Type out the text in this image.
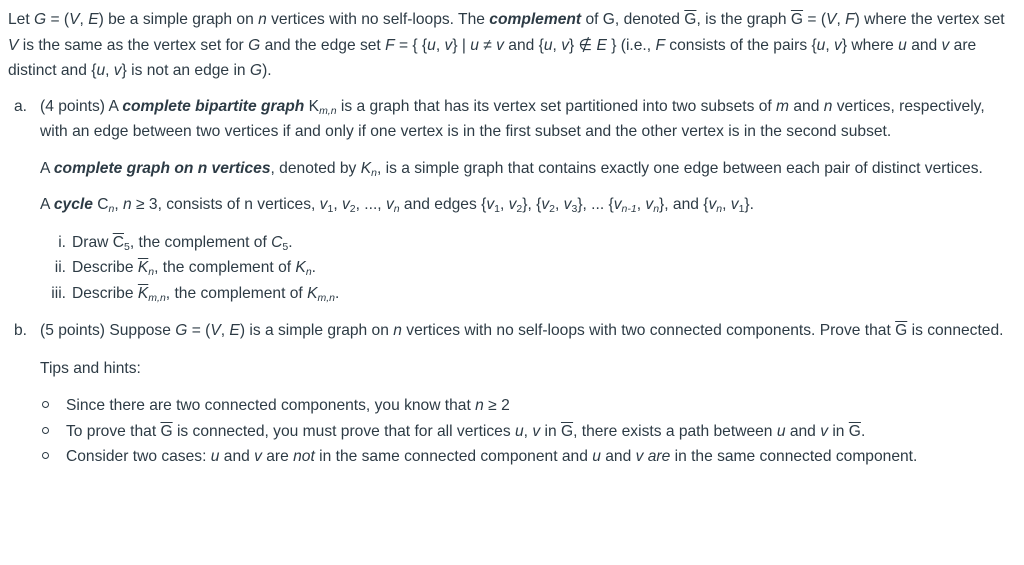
Let G = (V, E) be a simple graph on n vertices with no self-loops. The complement of G, denoted $\overline{G}$, is the graph $\overline{G} = (V$, F) where the vertex set V is the same as the vertex set for G and the edge set F = { {u, v} | u ≠ v and {u, v} ∉ E } (i.e., F consists of the pairs {u, v} where u and v are distinct and {u, v} is not an edge in G).

a. (4 points) A complete bipartite graph $K_{m,n}$ is a graph that has its vertex set partitioned into two subsets of m and n vertices, respectively, with an edge between two vertices if and only if one vertex is in the first subset and the other vertex is in the second subset.

A complete graph on n vertices, denoted by $K_n$, is a simple graph that contains exactly one edge between each pair of distinct vertices.

A cycle $C_n$, n ≥ 3, consists of n vertices, $v_1$, $v_2$, ..., $v_n$ and edges {$v_1$, $v_2$}, {$v_2$, $v_3$}, ... {$v_{n-1}$, $v_n$}, and {$v_n$, $v_1$}.

i. Draw $\overline{C}_5$, the complement of $C_5$.
ii. Describe $\overline{K}_n$, the complement of $K_n$.
iii. Describe $\overline{K}_{m,n}$, the complement of $K_{m,n}$.
b. (5 points) Suppose G = (V, E) is a simple graph on n vertices with no self-loops with two connected components. Prove that $\overline{G}$ is connected.

Tips and hints:

Since there are two connected components, you know that n ≥ 2
To prove that $\overline{G}$ is connected, you must prove that for all vertices u, v in $\overline{G}$, there exists a path between u and v in $\overline{G}$.
Consider two cases: u and v are not in the same connected component and u and v are in the same connected component.
